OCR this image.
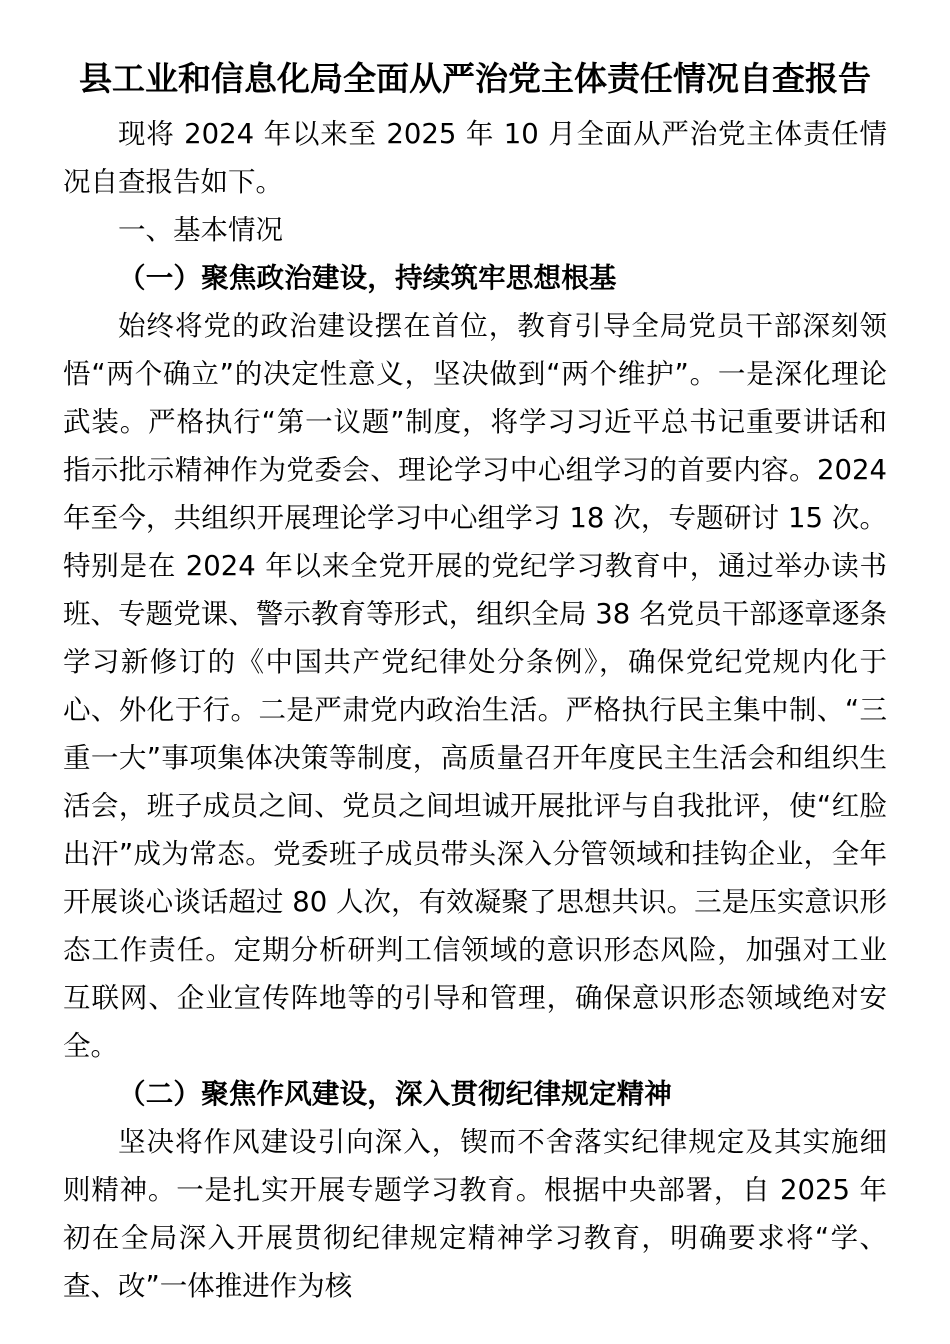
县工业和信息化局全面从严治党主体责任情况自查报告

现将 2024 年以来至 2025 年 10 月全面从严治党主体责任情况自查报告如下。

一、基本情况

（一）聚焦政治建设，持续筑牢思想根基

始终将党的政治建设摆在首位，教育引导全局党员干部深刻领悟“两个确立”的决定性意义，坚决做到“两个维护”。一是深化理论武装。严格执行“第一议题”制度，将学习习近平总书记重要讲话和指示批示精神作为党委会、理论学习中心组学习的首要内容。2024 年至今，共组织开展理论学习中心组学习 18 次，专题研讨 15 次。特别是在 2024 年以来全党开展的党纪学习教育中，通过举办读书班、专题党课、警示教育等形式，组织全局 38 名党员干部逐章逐条学习新修订的《中国共产党纪律处分条例》，确保党纪党规内化于心、外化于行。二是严肃党内政治生活。严格执行民主集中制、“三重一大”事项集体决策等制度，高质量召开年度民主生活会和组织生活会，班子成员之间、党员之间坦诚开展批评与自我批评，使“红脸出汗”成为常态。党委班子成员带头深入分管领域和挂钩企业，全年开展谈心谈话超过 80 人次，有效凝聚了思想共识。三是压实意识形态工作责任。定期分析研判工信领域的意识形态风险，加强对工业互联网、企业宣传阵地等的引导和管理，确保意识形态领域绝对安全。

（二）聚焦作风建设，深入贯彻纪律规定精神

坚决将作风建设引向深入，锲而不舍落实纪律规定及其实施细则精神。一是扎实开展专题学习教育。根据中央部署，自 2025 年初在全局深入开展贯彻纪律规定精神学习教育，明确要求将“学、查、改”一体推进作为核
